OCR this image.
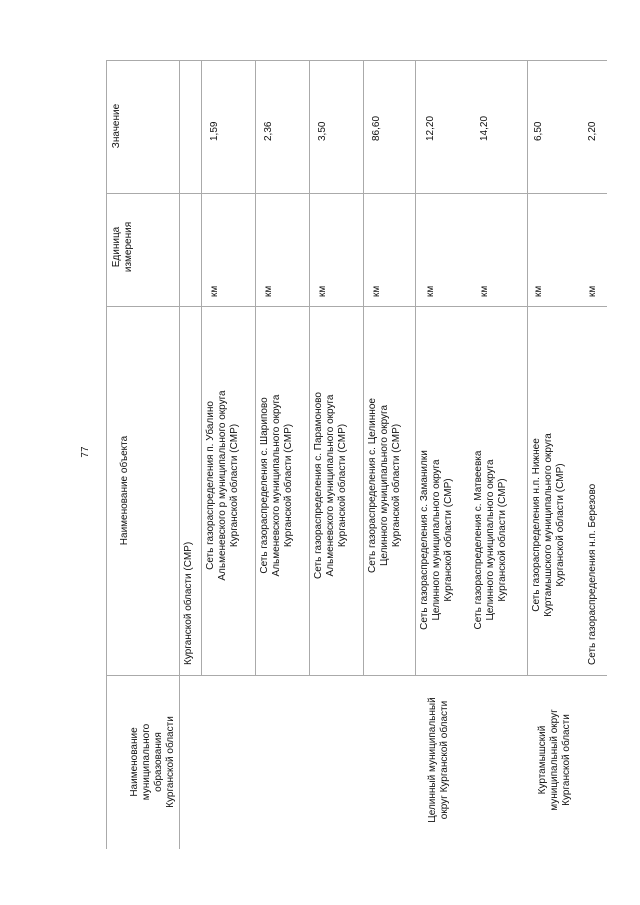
77
Наименование муниципального образования Курганской области
Наименование объекта
Единица измерения
Значение
Курганской области (СМР)
Сеть газораспределения п. Убалино Альменевского р муниципального округа Курганской области (СМР)
км
1,59
Сеть газораспределения с. Шарипово Альменевского муниципального округа Курганской области (СМР)
км
2,36
Сеть газораспределения с. Парамоново Альменевского муниципального округа Курганской области (СМР)
км
3,50
Сеть газораспределения с. Целинное Целинного муниципального округа Курганской области (СМР)
км
86,60
Целинный муниципальный округ Курганской области
Сеть газораспределения с. Заманилки Целинного муниципального округа Курганской области (СМР)
км
12,20
Сеть газораспределения с. Матвеевка Целинного муниципального округа Курганской области (СМР)
км
14,20
Куртамышский муниципальный округ Курганской области
Сеть газораспределения н.п. Нижнее Куртамышского муниципального округа Курганской области (СМР)
км
6,50
Сеть газораспределения н.п. Березово
км
2,20
